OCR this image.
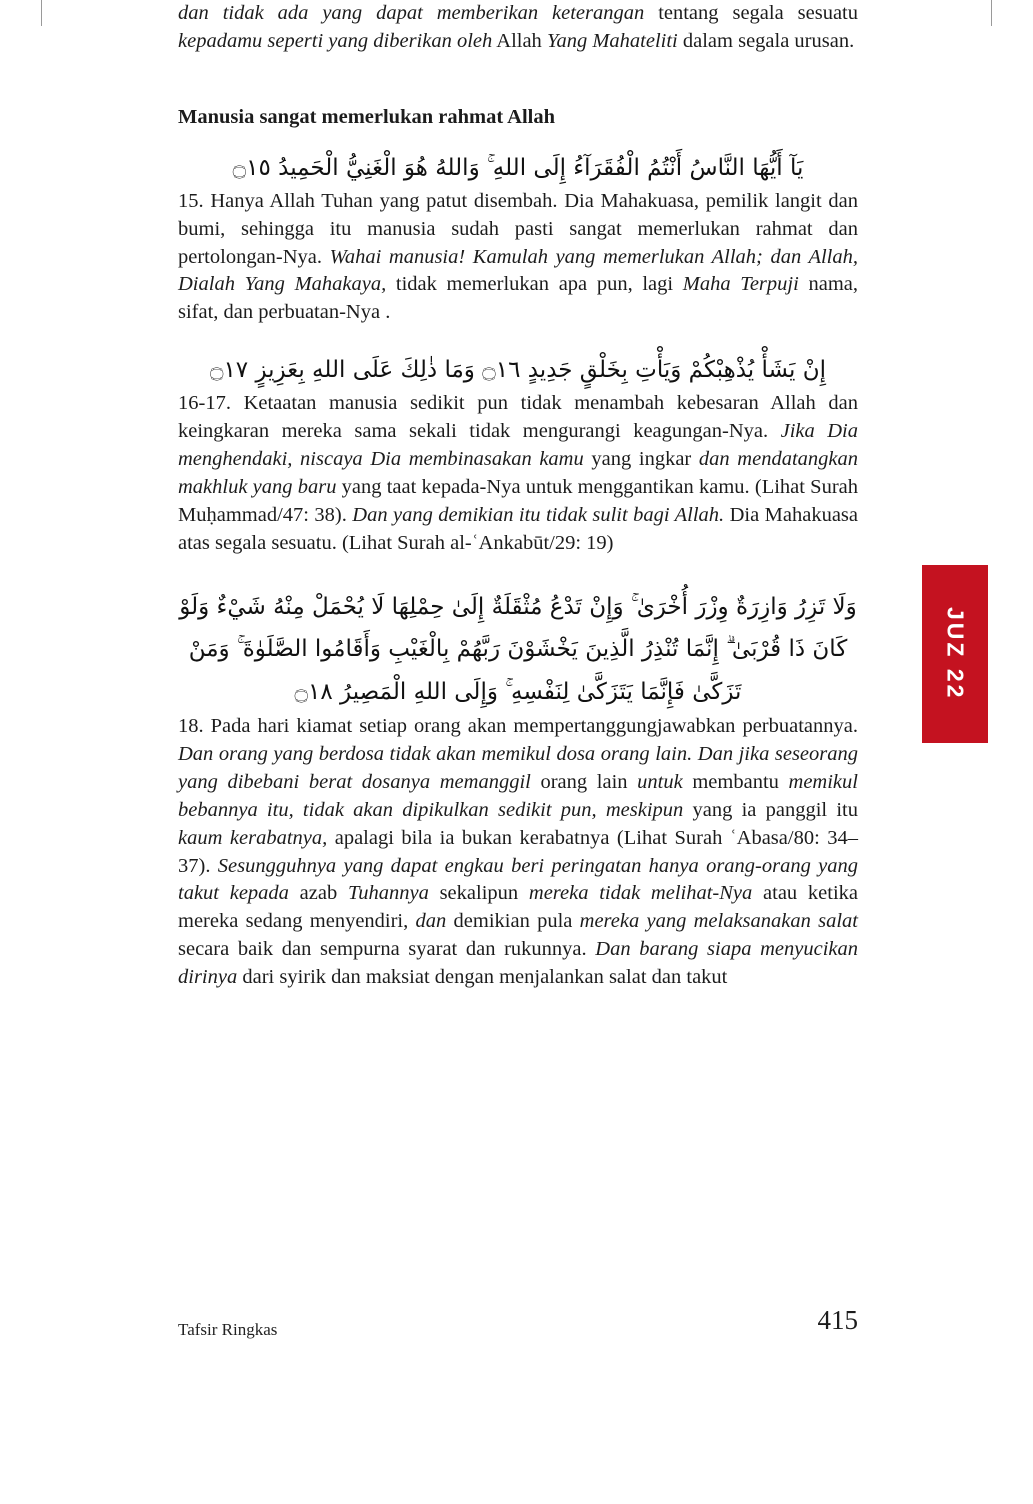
dan tidak ada yang dapat memberikan keterangan tentang segala sesuatu kepadamu seperti yang diberikan oleh Allah Yang Mahateliti dalam segala urusan.

Manusia sangat memerlukan rahmat Allah

يَآ أَيُّهَا النَّاسُ أَنْتُمُ الْفُقَرَآءُ إِلَى اللهِ ۚ وَاللهُ هُوَ الْغَنِيُّ الْحَمِيدُ ۝١٥

15. Hanya Allah Tuhan yang patut disembah. Dia Mahakuasa, pemilik langit dan bumi, sehingga itu manusia sudah pasti sangat memerlukan rahmat dan pertolongan-Nya. Wahai manusia! Kamulah yang memerlukan Allah; dan Allah, Dialah Yang Mahakaya, tidak memerlukan apa pun, lagi Maha Terpuji nama, sifat, dan perbuatan-Nya .

إِنْ يَشَأْ يُذْهِبْكُمْ وَيَأْتِ بِخَلْقٍ جَدِيدٍ ۝١٦ وَمَا ذٰلِكَ عَلَى اللهِ بِعَزِيزٍ ۝١٧

16-17. Ketaatan manusia sedikit pun tidak menambah kebesaran Allah dan keingkaran mereka sama sekali tidak mengurangi keagungan-Nya. Jika Dia menghendaki, niscaya Dia membinasakan kamu yang ingkar dan mendatangkan makhluk yang baru yang taat kepada-Nya untuk menggantikan kamu. (Lihat Surah Muḥammad/47: 38). Dan yang demikian itu tidak sulit bagi Allah. Dia Mahakuasa atas segala sesuatu. (Lihat Surah al-ʿAnkabūt/29: 19)

وَلَا تَزِرُ وَازِرَةٌ وِزْرَ أُخْرَىٰ ۚ وَإِنْ تَدْعُ مُثْقَلَةٌ إِلَىٰ حِمْلِهَا لَا يُحْمَلْ مِنْهُ شَيْءٌ وَلَوْ كَانَ ذَا قُرْبَىٰ ۗ إِنَّمَا تُنْذِرُ الَّذِينَ يَخْشَوْنَ رَبَّهُمْ بِالْغَيْبِ وَأَقَامُوا الصَّلَوٰةَ ۚ وَمَنْ تَزَكَّىٰ فَإِنَّمَا يَتَزَكَّىٰ لِنَفْسِهِ ۚ وَإِلَى اللهِ الْمَصِيرُ ۝١٨

18. Pada hari kiamat setiap orang akan mempertanggungjawabkan perbuatannya. Dan orang yang berdosa tidak akan memikul dosa orang lain. Dan jika seseorang yang dibebani berat dosanya memanggil orang lain untuk membantu memikul bebannya itu, tidak akan dipikulkan sedikit pun, meskipun yang ia panggil itu kaum kerabatnya, apalagi bila ia bukan kerabatnya (Lihat Surah ʿAbasa/80: 34–37). Sesungguhnya yang dapat engkau beri peringatan hanya orang-orang yang takut kepada azab Tuhannya sekalipun mereka tidak melihat-Nya atau ketika mereka sedang menyendiri, dan demikian pula mereka yang melaksanakan salat secara baik dan sempurna syarat dan rukunnya. Dan barang siapa menyucikan dirinya dari syirik dan maksiat dengan menjalankan salat dan takut

JUZ 22
Tafsir Ringkas	415
